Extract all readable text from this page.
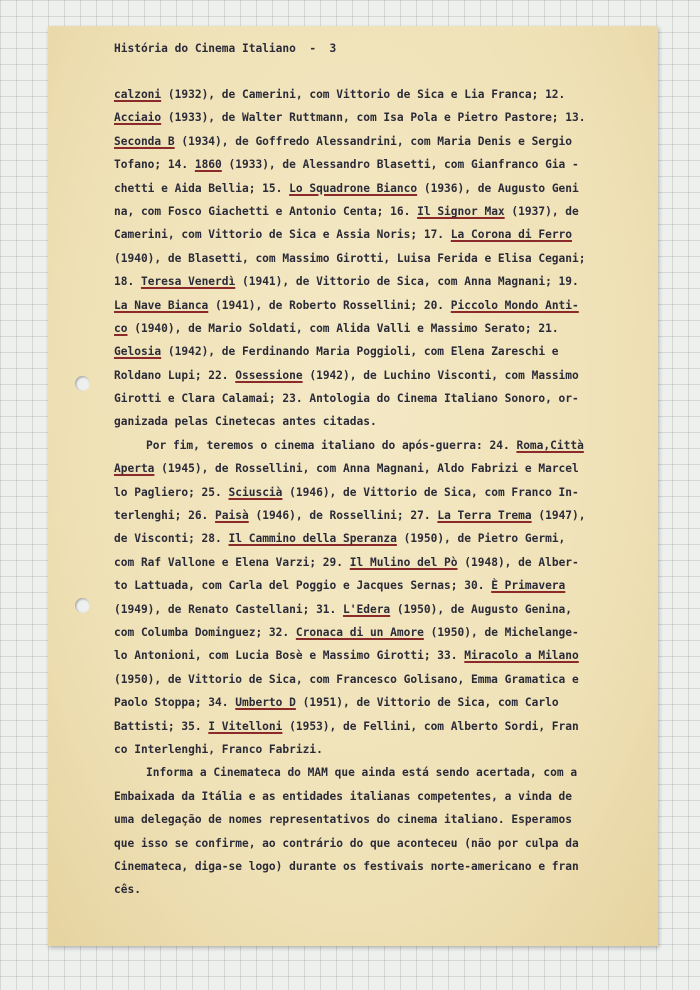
História do Cinema Italiano  -  3
calzoni (1932), de Camerini, com Vittorio de Sica e Lia Franca; 12.
Acciaio (1933), de Walter Ruttmann, com Isa Pola e Pietro Pastore; 13.
Seconda B (1934), de Goffredo Alessandrini, com Maria Denis e Sergio
Tofano; 14. 1860 (1933), de Alessandro Blasetti, com Gianfranco Gia -
chetti e Aida Bellia; 15. Lo Squadrone Bianco (1936), de Augusto Geni
na, com Fosco Giachetti e Antonio Centa; 16. Il Signor Max (1937), de
Camerini, com Vittorio de Sica e Assia Noris; 17. La Corona di Ferro
(1940), de Blasetti, com Massimo Girotti, Luisa Ferida e Elisa Cegani;
18. Teresa Venerdì (1941), de Vittorio de Sica, com Anna Magnani; 19.
La Nave Bianca (1941), de Roberto Rossellini; 20. Piccolo Mondo Anti-
co (1940), de Mario Soldati, com Alida Valli e Massimo Serato; 21.
Gelosia (1942), de Ferdinando Maria Poggioli, com Elena Zareschi e
Roldano Lupi; 22. Ossessione (1942), de Luchino Visconti, com Massimo
Girotti e Clara Calamai; 23. Antologia do Cinema Italiano Sonoro, or-
ganizada pelas Cinetecas antes citadas.
Por fim, teremos o cinema italiano do após-guerra: 24. Roma,Città
Aperta (1945), de Rossellini, com Anna Magnani, Aldo Fabrizi e Marcel
lo Pagliero; 25. Sciuscià (1946), de Vittorio de Sica, com Franco In-
terlenghi; 26. Paisà (1946), de Rossellini; 27. La Terra Trema (1947),
de Visconti; 28. Il Cammino della Speranza (1950), de Pietro Germi,
com Raf Vallone e Elena Varzi; 29. Il Mulino del Pò (1948), de Alber-
to Lattuada, com Carla del Poggio e Jacques Sernas; 30. È Primavera
(1949), de Renato Castellani; 31. L'Edera (1950), de Augusto Genina,
com Columba Dominguez; 32. Cronaca di un Amore (1950), de Michelange-
lo Antonioni, com Lucia Bosè e Massimo Girotti; 33. Miracolo a Milano
(1950), de Vittorio de Sica, com Francesco Golisano, Emma Gramatica e
Paolo Stoppa; 34. Umberto D (1951), de Vittorio de Sica, com Carlo
Battisti; 35. I Vitelloni (1953), de Fellini, com Alberto Sordi, Fran
co Interlenghi, Franco Fabrizi.
Informa a Cinemateca do MAM que ainda está sendo acertada, com a
Embaixada da Itália e as entidades italianas competentes, a vinda de
uma delegação de nomes representativos do cinema italiano. Esperamos
que isso se confirme, ao contrário do que aconteceu (não por culpa da
Cinemateca, diga-se logo) durante os festivais norte-americano e fran
cês.
